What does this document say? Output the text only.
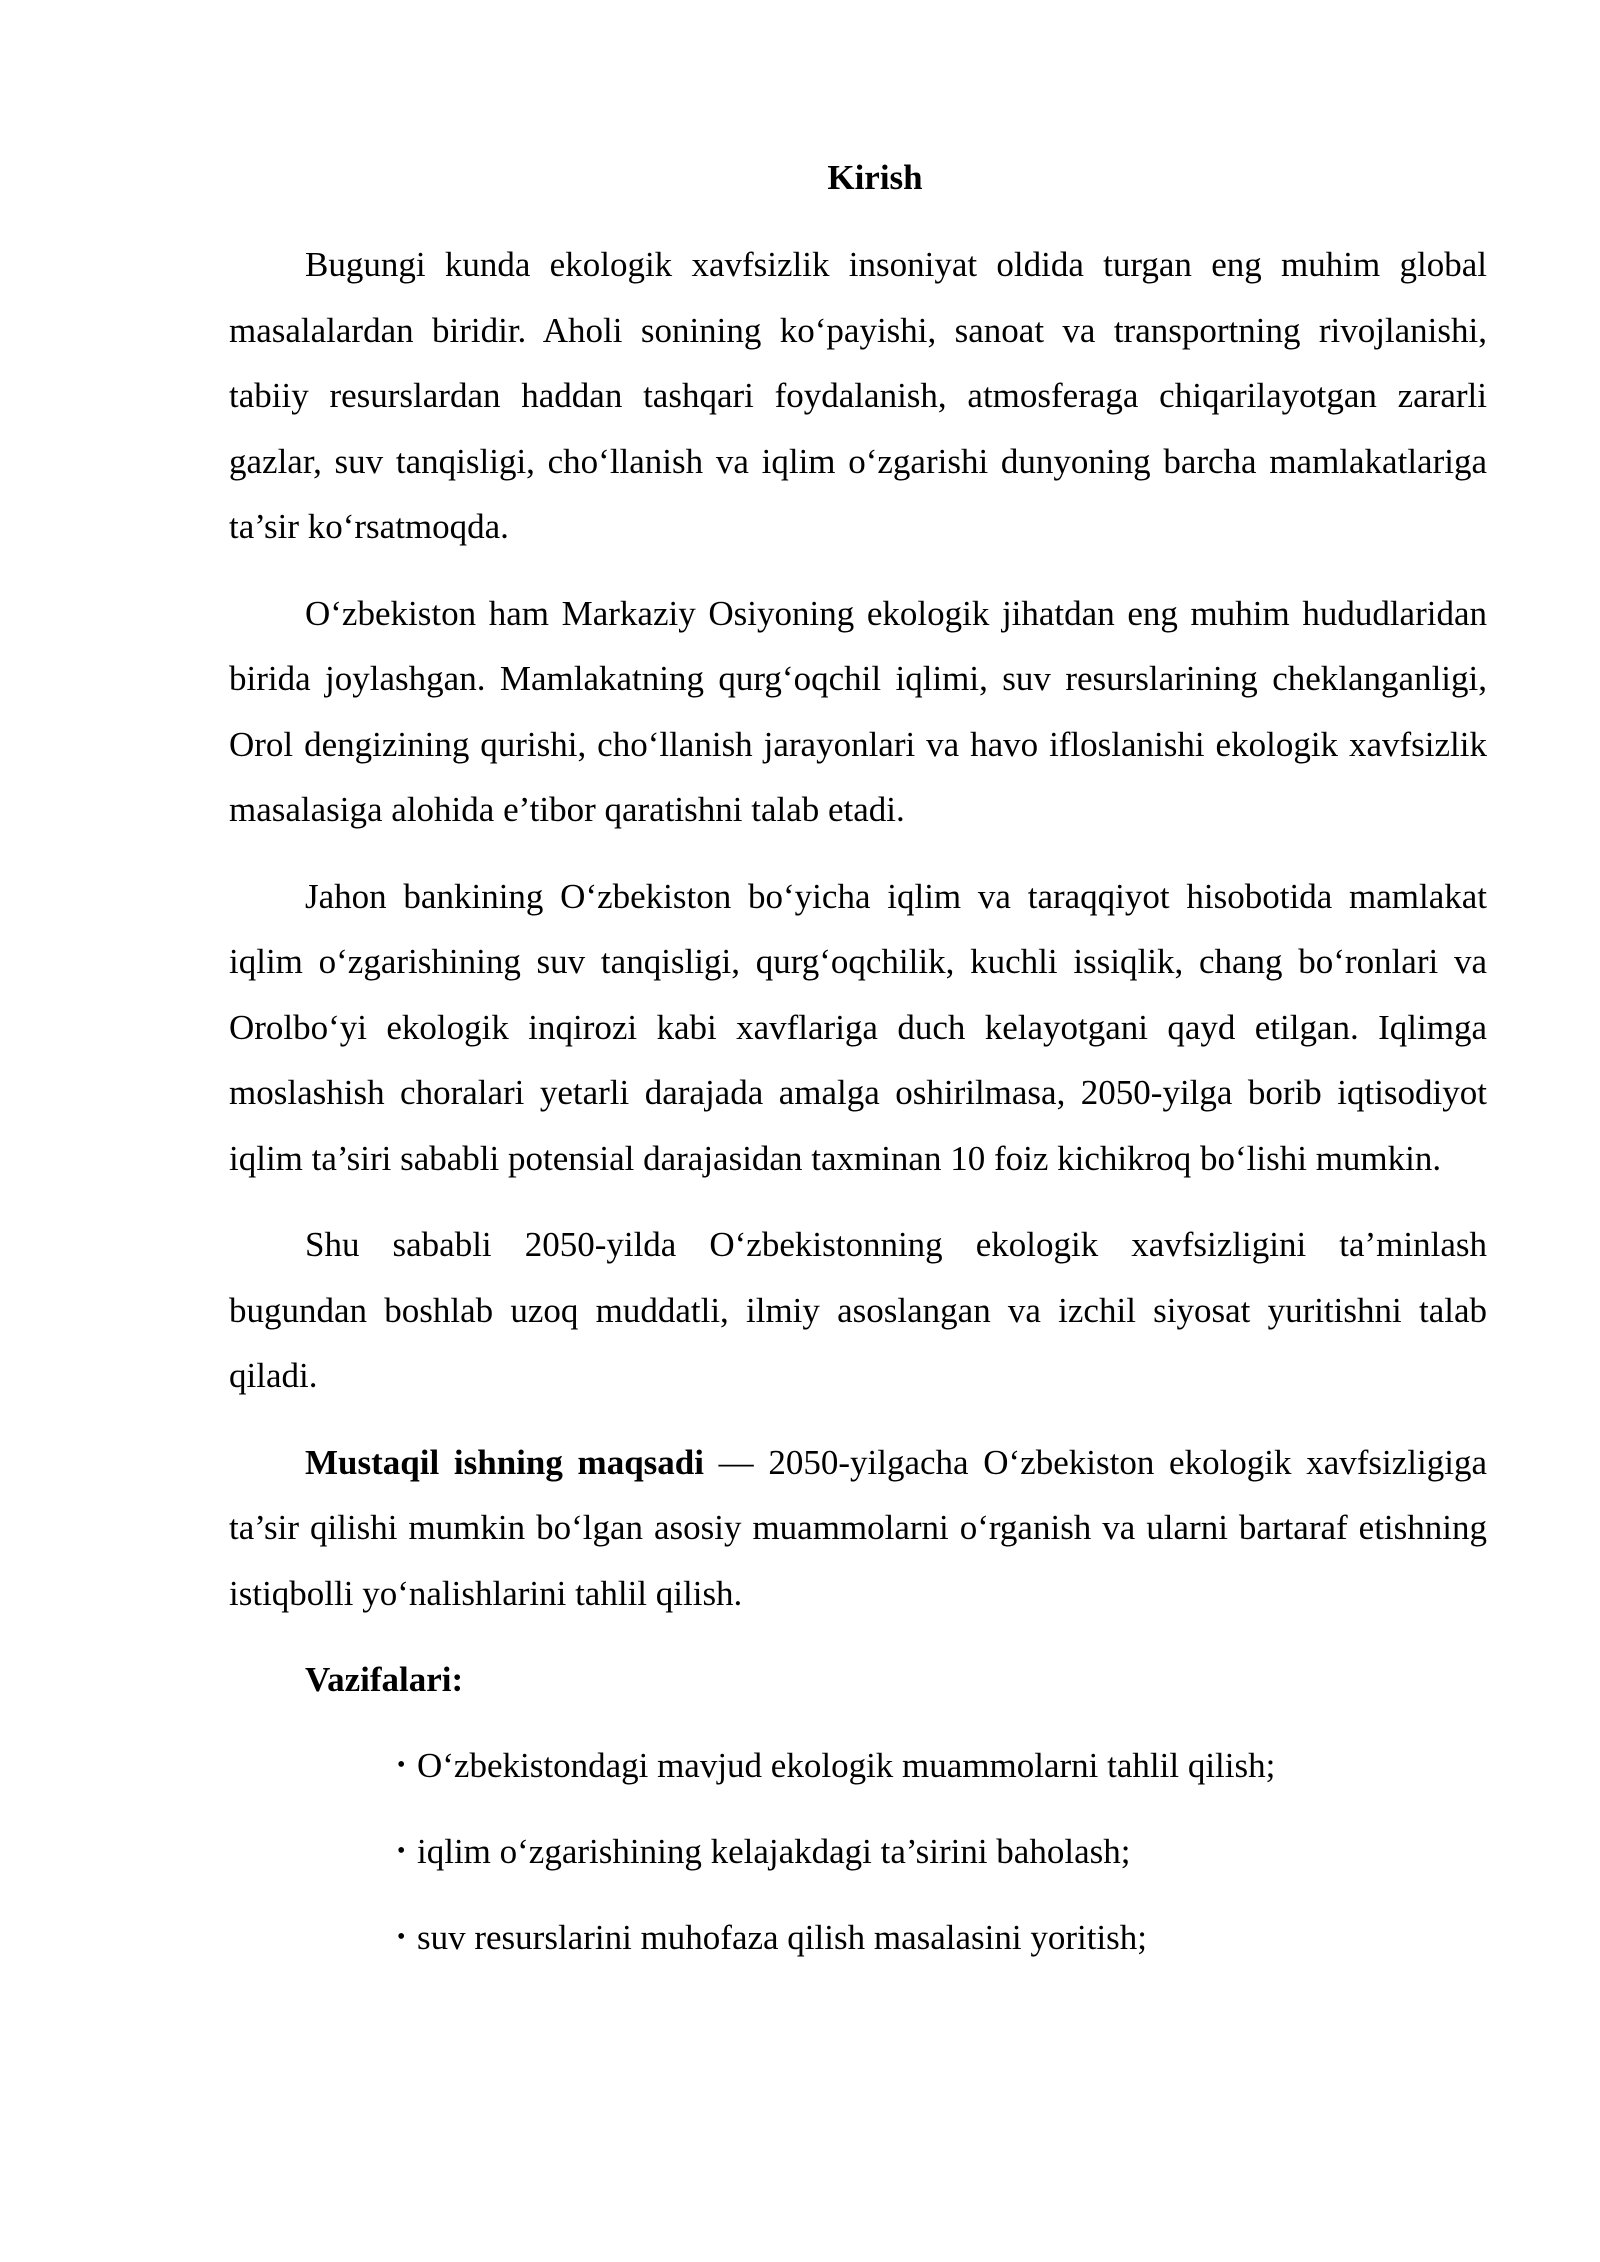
Kirish

Bugungi kunda ekologik xavfsizlik insoniyat oldida turgan eng muhim global masalalardan biridir. Aholi sonining ko‘payishi, sanoat va transportning rivojlanishi, tabiiy resurslardan haddan tashqari foydalanish, atmosferaga chiqarilayotgan zararli gazlar, suv tanqisligi, cho‘llanish va iqlim o‘zgarishi dunyoning barcha mamlakatlariga ta’sir ko‘rsatmoqda.

O‘zbekiston ham Markaziy Osiyoning ekologik jihatdan eng muhim hududlaridan birida joylashgan. Mamlakatning qurg‘oqchil iqlimi, suv resurslarining cheklanganligi, Orol dengizining qurishi, cho‘llanish jarayonlari va havo ifloslanishi ekologik xavfsizlik masalasiga alohida e’tibor qaratishni talab etadi.

Jahon bankining O‘zbekiston bo‘yicha iqlim va taraqqiyot hisobotida mamlakat iqlim o‘zgarishining suv tanqisligi, qurg‘oqchilik, kuchli issiqlik, chang bo‘ronlari va Orolbo‘yi ekologik inqirozi kabi xavflariga duch kelayotgani qayd etilgan. Iqlimga moslashish choralari yetarli darajada amalga oshirilmasa, 2050-yilga borib iqtisodiyot iqlim ta’siri sababli potensial darajasidan taxminan 10 foiz kichikroq bo‘lishi mumkin.

Shu sababli 2050-yilda O‘zbekistonning ekologik xavfsizligini ta’minlash bugundan boshlab uzoq muddatli, ilmiy asoslangan va izchil siyosat yuritishni talab qiladi.

Mustaqil ishning maqsadi — 2050-yilgacha O‘zbekiston ekologik xavfsizligiga ta’sir qilishi mumkin bo‘lgan asosiy muammolarni o‘rganish va ularni bartaraf etishning istiqbolli yo‘nalishlarini tahlil qilish.

Vazifalari:
• O‘zbekistondagi mavjud ekologik muammolarni tahlil qilish;
• iqlim o‘zgarishining kelajakdagi ta’sirini baholash;
• suv resurslarini muhofaza qilish masalasini yoritish;
